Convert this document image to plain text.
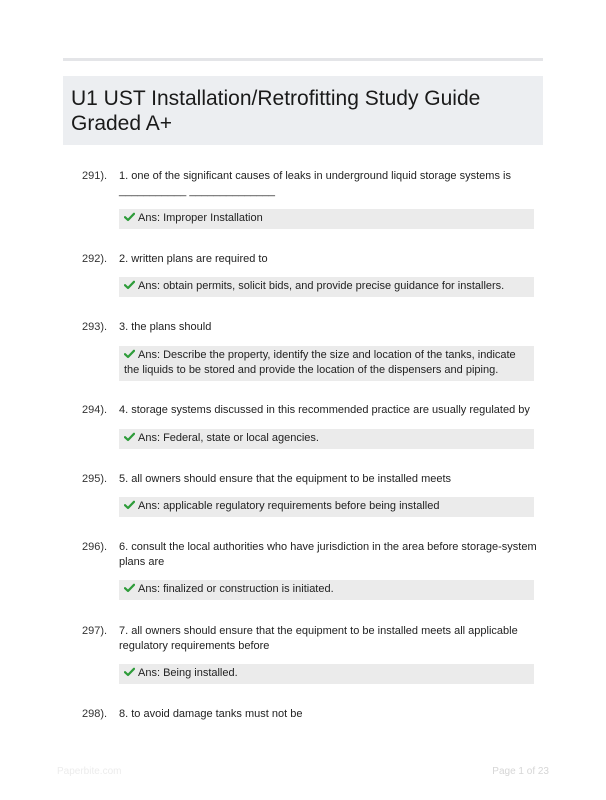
U1 UST Installation/Retrofitting Study Guide
Graded A+
291). 1. one of the significant causes of leaks in underground liquid storage systems is ___________ ______________
Ans: Improper Installation
292). 2. written plans are required to
Ans: obtain permits, solicit bids, and provide precise guidance for installers.
293). 3. the plans should
Ans: Describe the property, identify the size and location of the tanks, indicate the liquids to be stored and provide the location of the dispensers and piping.
294). 4. storage systems discussed in this recommended practice are usually regulated by
Ans: Federal, state or local agencies.
295). 5. all owners should ensure that the equipment to be installed meets
Ans: applicable regulatory requirements before being installed
296). 6. consult the local authorities who have jurisdiction in the area before storage-system plans are
Ans: finalized or construction is initiated.
297). 7. all owners should ensure that the equipment to be installed meets all applicable regulatory requirements before
Ans: Being installed.
298). 8. to avoid damage tanks must not be
Paperbite.com	Page 1 of 23
